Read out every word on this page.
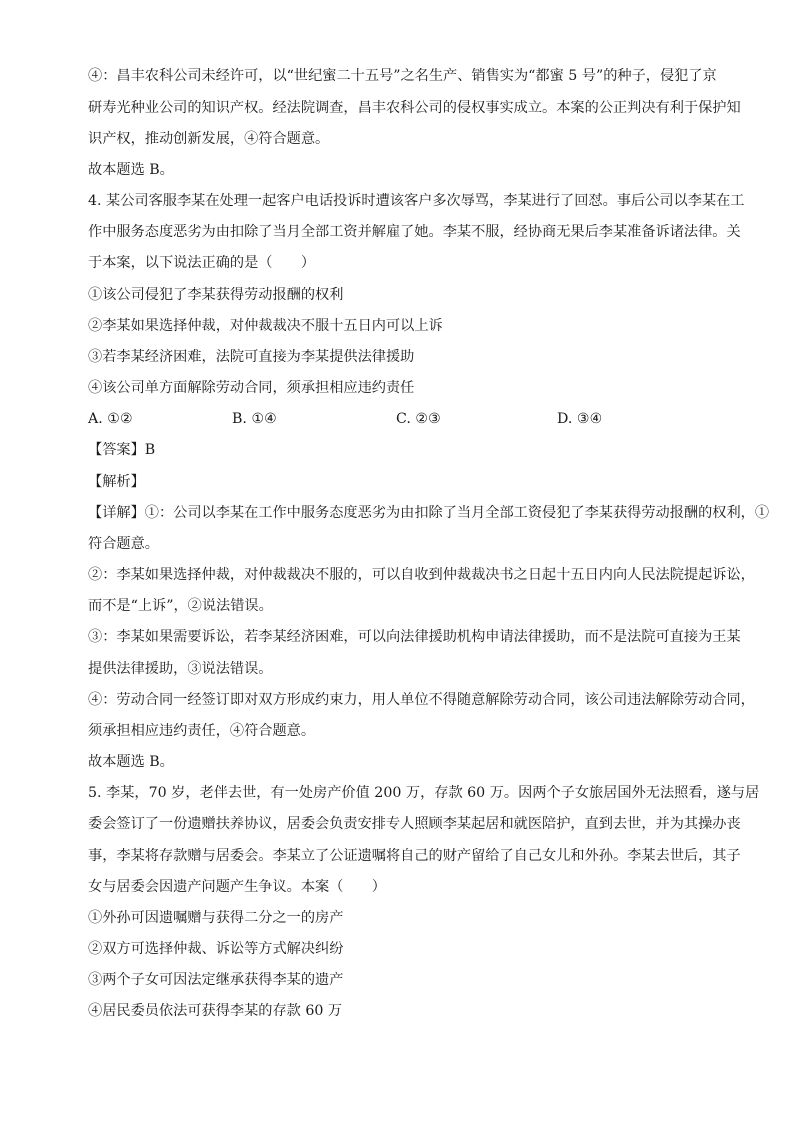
④：昌丰农科公司未经许可，以“世纪蜜二十五号”之名生产、销售实为“都蜜 5 号”的种子，侵犯了京
研寿光种业公司的知识产权。经法院调查，昌丰农科公司的侵权事实成立。本案的公正判决有利于保护知
识产权，推动创新发展，④符合题意。
故本题选 B。
4. 某公司客服李某在处理一起客户电话投诉时遭该客户多次辱骂，李某进行了回怼。事后公司以李某在工
作中服务态度恶劣为由扣除了当月全部工资并解雇了她。李某不服，经协商无果后李某准备诉诸法律。关
于本案，以下说法正确的是（　　）
①该公司侵犯了李某获得劳动报酬的权利
②李某如果选择仲裁，对仲裁裁决不服十五日内可以上诉
③若李某经济困难，法院可直接为李某提供法律援助
④该公司单方面解除劳动合同，须承担相应违约责任
A. ①②	B. ①④	C. ②③	D. ③④
【答案】B
【解析】
【详解】①：公司以李某在工作中服务态度恶劣为由扣除了当月全部工资侵犯了李某获得劳动报酬的权利，①
符合题意。
②：李某如果选择仲裁，对仲裁裁决不服的，可以自收到仲裁裁决书之日起十五日内向人民法院提起诉讼，
而不是“上诉”，②说法错误。
③：李某如果需要诉讼，若李某经济困难，可以向法律援助机构申请法律援助，而不是法院可直接为王某
提供法律援助，③说法错误。
④：劳动合同一经签订即对双方形成约束力，用人单位不得随意解除劳动合同，该公司违法解除劳动合同，
须承担相应违约责任，④符合题意。
故本题选 B。
5. 李某，70 岁，老伴去世，有一处房产价值 200 万，存款 60 万。因两个子女旅居国外无法照看，遂与居
委会签订了一份遗赠扶养协议，居委会负责安排专人照顾李某起居和就医陪护，直到去世，并为其操办丧
事，李某将存款赠与居委会。李某立了公证遗嘱将自己的财产留给了自己女儿和外孙。李某去世后，其子
女与居委会因遗产问题产生争议。本案（　　）
①外孙可因遗嘱赠与获得二分之一的房产
②双方可选择仲裁、诉讼等方式解决纠纷
③两个子女可因法定继承获得李某的遗产
④居民委员依法可获得李某的存款 60 万
